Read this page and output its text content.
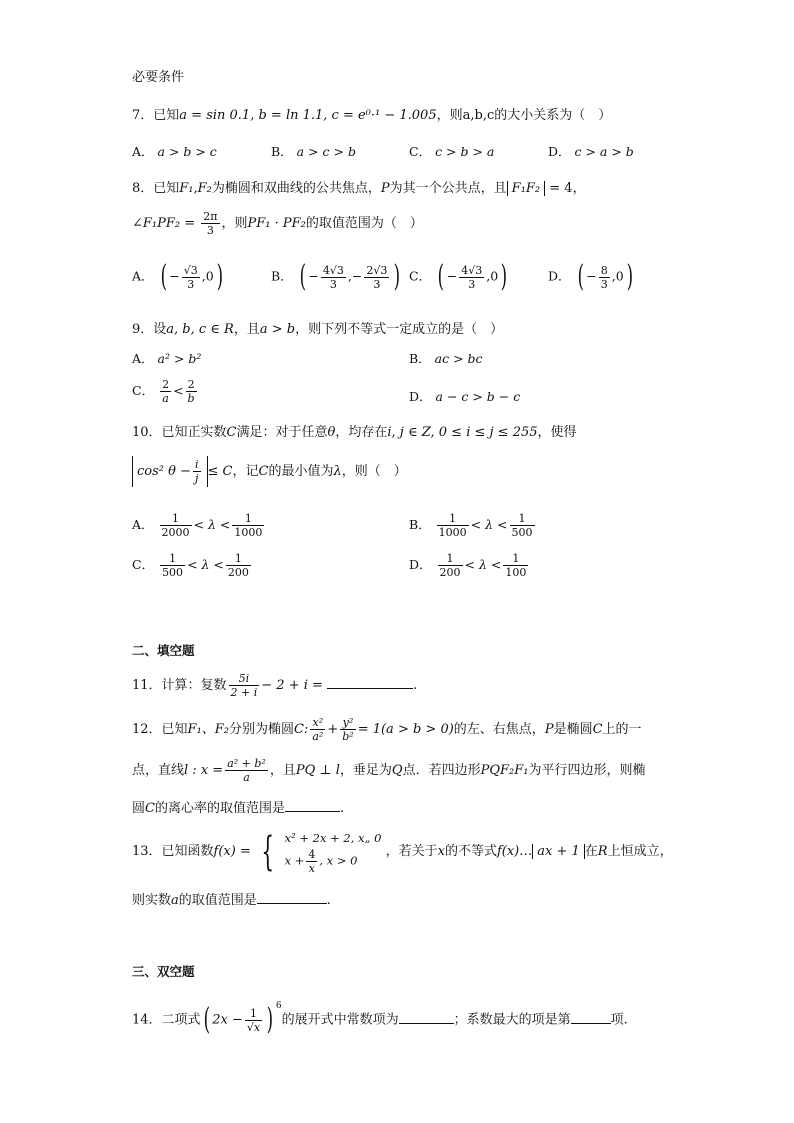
必要条件
7．已知a = sin 0.1, b = ln 1.1, c = e⁰·¹ − 1.005，则a,b,c的大小关系为（　）
A． a > b > c	B． a > c > b	C． c > b > a	D． c > a > b
8．已知F₁,F₂为椭圆和双曲线的公共焦点，P为其一个公共点，且 F₁F₂ = 4，
∠F₁PF₂ = $\frac{2\pi}{3}$ ，则PF₁ · PF₂的取值范围为（　）
A． ( − $\frac{√3}{3} ,0$)	B． ( − $\frac{4√3}{3}$ ,− $\frac{2√3}{3}$ ) C． ( − $\frac{4√3}{3} ,0$)	D． ( − $\frac{8}{3} ,0$)
9．设a, b, c ∈ R，且a > b，则下列不等式一定成立的是（　）
A． a² > b²	B． ac > bc
C． $\frac{2}{a} < \frac{2}{b}$	D． a − c > b − c
10．已知正实数C满足：对于任意θ，均存在i, j ∈ Z, 0 ≤ i ≤ j ≤ 255，使得
cos² $\theta - \frac{i}{j} \le C$，记C的最小值为λ，则（　）
A． $\frac{1}{2000} < \lambda < \frac{1}{1000}$	B． $\frac{1}{1000} < \lambda < \frac{1}{500}$
C． $\frac{1}{500} < \lambda < \frac{1}{200}$	D． $\frac{1}{200} < \lambda < \frac{1}{100}$
二、填空题
11．计算：复数 $\frac{5i}{2 + i} - 2 + i$ =	.
12．已知F₁、F₂分别为椭圆C: $\frac{\text{x²}}{\text{a²}} + \frac{\text{y²}}{\text{b²}} = 1(a > b > 0)$的左、右焦点，P是椭圆C上的一
点，直线l : $x = \frac{\text{a² + b²}}{a}$ ，且PQ ⊥ l，垂足为Q点．若四边形PQF₂F₁为平行四边形，则椭
圆C的离心率的取值范围是	.
13．已知函数f(x) = { x² + 2x + 2, x„ 0
$x + \frac{4}{x}$ , x > 0
，若关于x的不等式f(x)… ax + 1 在R上恒成立，
则实数a的取值范围是	.
三、双空题
14．二项式( $2x - \frac{1}{√x}$ ) $^6$的展开式中常数项为	；系数最大的项是第	项.
